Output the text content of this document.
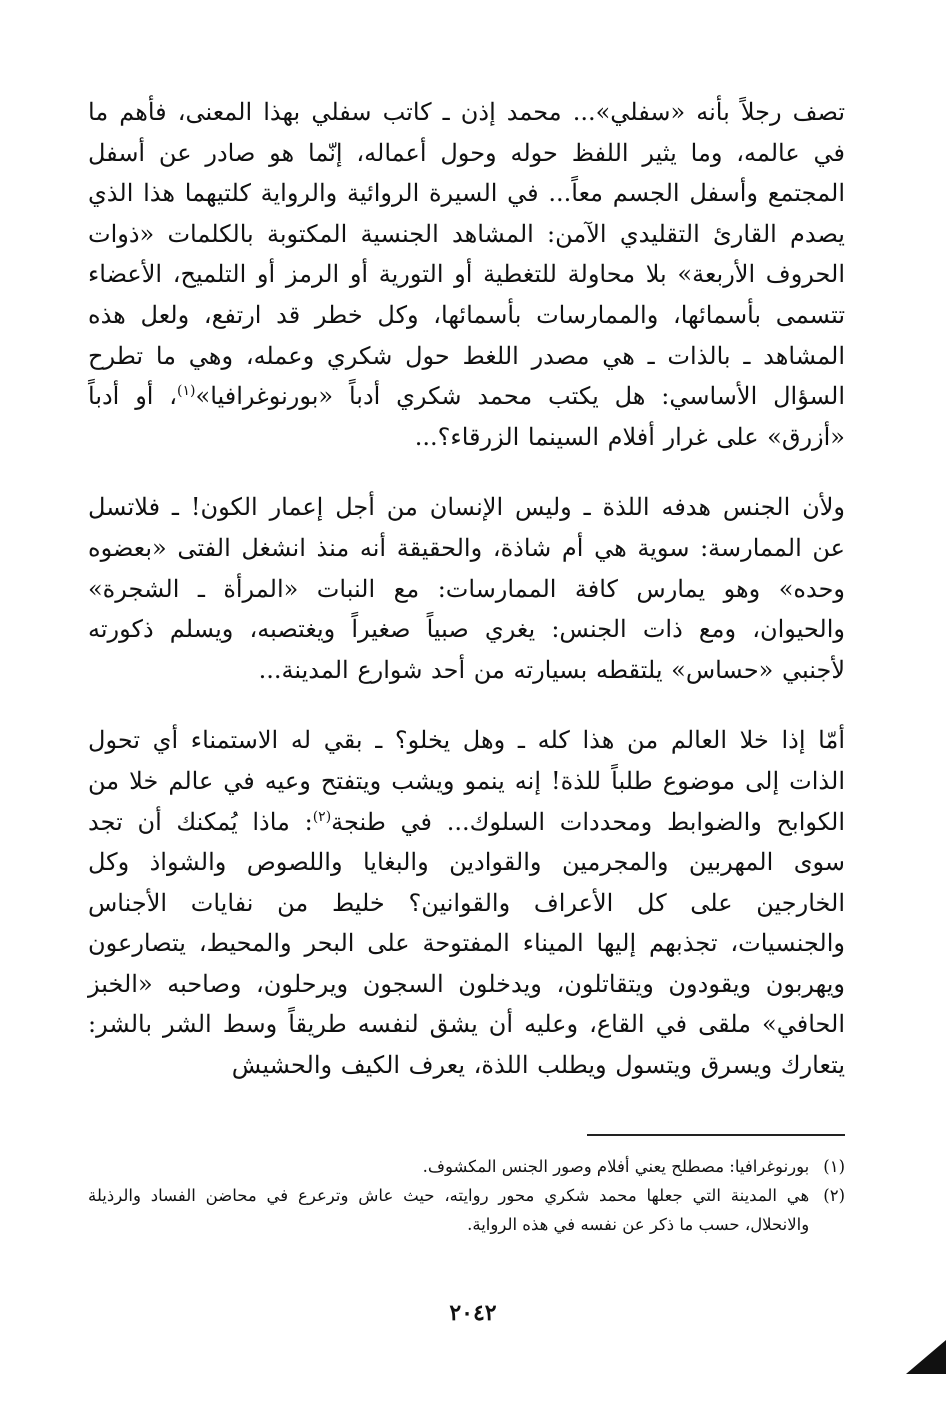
تصف رجلاً بأنه «سفلي»... محمد إذن ـ كاتب سفلي بهذا المعنى، فأهم ما في عالمه، وما يثير اللفظ حوله وحول أعماله، إنّما هو صادر عن أسفل المجتمع وأسفل الجسم معاً... في السيرة الروائية والرواية كلتيهما هذا الذي يصدم القارئ التقليدي الآمن: المشاهد الجنسية المكتوبة بالكلمات «ذوات الحروف الأربعة» بلا محاولة للتغطية أو التورية أو الرمز أو التلميح، الأعضاء تتسمى بأسمائها، والممارسات بأسمائها، وكل خطر قد ارتفع، ولعل هذه المشاهد ـ بالذات ـ هي مصدر اللغط حول شكري وعمله، وهي ما تطرح السؤال الأساسي: هل يكتب محمد شكري أدباً «بورنوغرافيا»$^{(١)}$، أو أدباً «أزرق» على غرار أفلام السينما الزرقاء؟...

ولأن الجنس هدفه اللذة ـ وليس الإنسان من أجل إعمار الكون! ـ فلاتسل عن الممارسة: سوية هي أم شاذة، والحقيقة أنه منذ انشغل الفتى «بعضوه وحده» وهو يمارس كافة الممارسات: مع النبات «المرأة ـ الشجرة» والحيوان، ومع ذات الجنس: يغري صبياً صغيراً ويغتصبه، ويسلم ذكورته لأجنبي «حساس» يلتقطه بسيارته من أحد شوارع المدينة...

أمّا إذا خلا العالم من هذا كله ـ وهل يخلو؟ ـ بقي له الاستمناء أي تحول الذات إلى موضوع طلباً للذة! إنه ينمو ويشب ويتفتح وعيه في عالم خلا من الكوابح والضوابط ومحددات السلوك... في طنجة$^{(٢)}$: ماذا يُمكنك أن تجد سوى المهربين والمجرمين والقوادين والبغايا واللصوص والشواذ وكل الخارجين على كل الأعراف والقوانين؟ خليط من نفايات الأجناس والجنسيات، تجذبهم إليها الميناء المفتوحة على البحر والمحيط، يتصارعون ويهربون ويقودون ويتقاتلون، ويدخلون السجون ويرحلون، وصاحبه «الخبز الحافي» ملقى في القاع، وعليه أن يشق لنفسه طريقاً وسط الشر بالشر: يتعارك ويسرق ويتسول ويطلب اللذة، يعرف الكيف والحشيش

(١)
بورنوغرافيا: مصطلح يعني أفلام وصور الجنس المكشوف.

(٢)
هي المدينة التي جعلها محمد شكري محور روايته، حيث عاش وترعرع في محاضن الفساد والرذيلة والانحلال، حسب ما ذكر عن نفسه في هذه الرواية.

٢٠٤٢
